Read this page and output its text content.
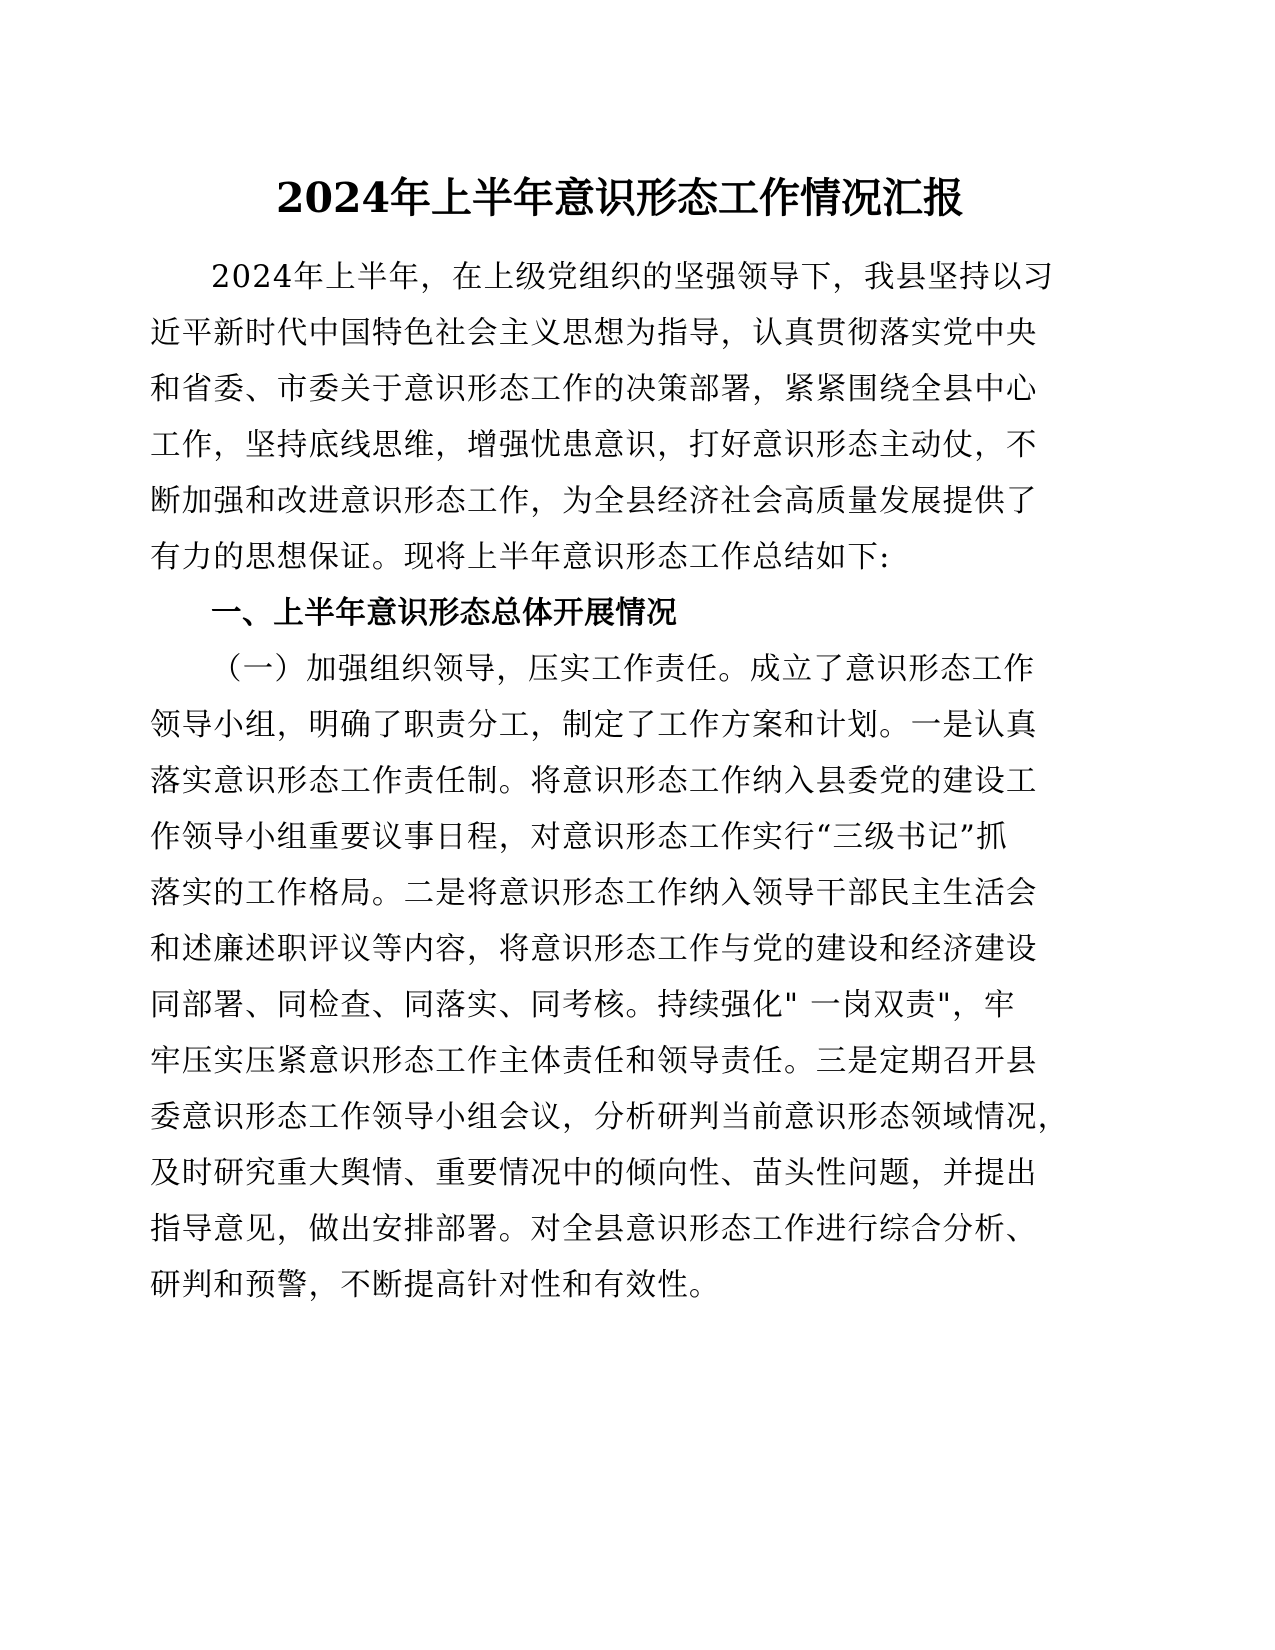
2024年上半年意识形态工作情况汇报
2024年上半年，在上级党组织的坚强领导下，我县坚持以习
近平新时代中国特色社会主义思想为指导，认真贯彻落实党中央
和省委、市委关于意识形态工作的决策部署，紧紧围绕全县中心
工作，坚持底线思维，增强忧患意识，打好意识形态主动仗，不
断加强和改进意识形态工作，为全县经济社会高质量发展提供了
有力的思想保证。现将上半年意识形态工作总结如下:
一、上半年意识形态总体开展情况
（一）加强组织领导，压实工作责任。成立了意识形态工作
领导小组，明确了职责分工，制定了工作方案和计划。一是认真
落实意识形态工作责任制。将意识形态工作纳入县委党的建设工
作领导小组重要议事日程，对意识形态工作实行“三级书记”抓
落实的工作格局。二是将意识形态工作纳入领导干部民主生活会
和述廉述职评议等内容，将意识形态工作与党的建设和经济建设
同部署、同检查、同落实、同考核。持续强化" 一岗双责"，牢
牢压实压紧意识形态工作主体责任和领导责任。三是定期召开县
委意识形态工作领导小组会议，分析研判当前意识形态领域情况，
及时研究重大舆情、重要情况中的倾向性、苗头性问题，并提出
指导意见，做出安排部署。对全县意识形态工作进行综合分析、
研判和预警，不断提高针对性和有效性。
